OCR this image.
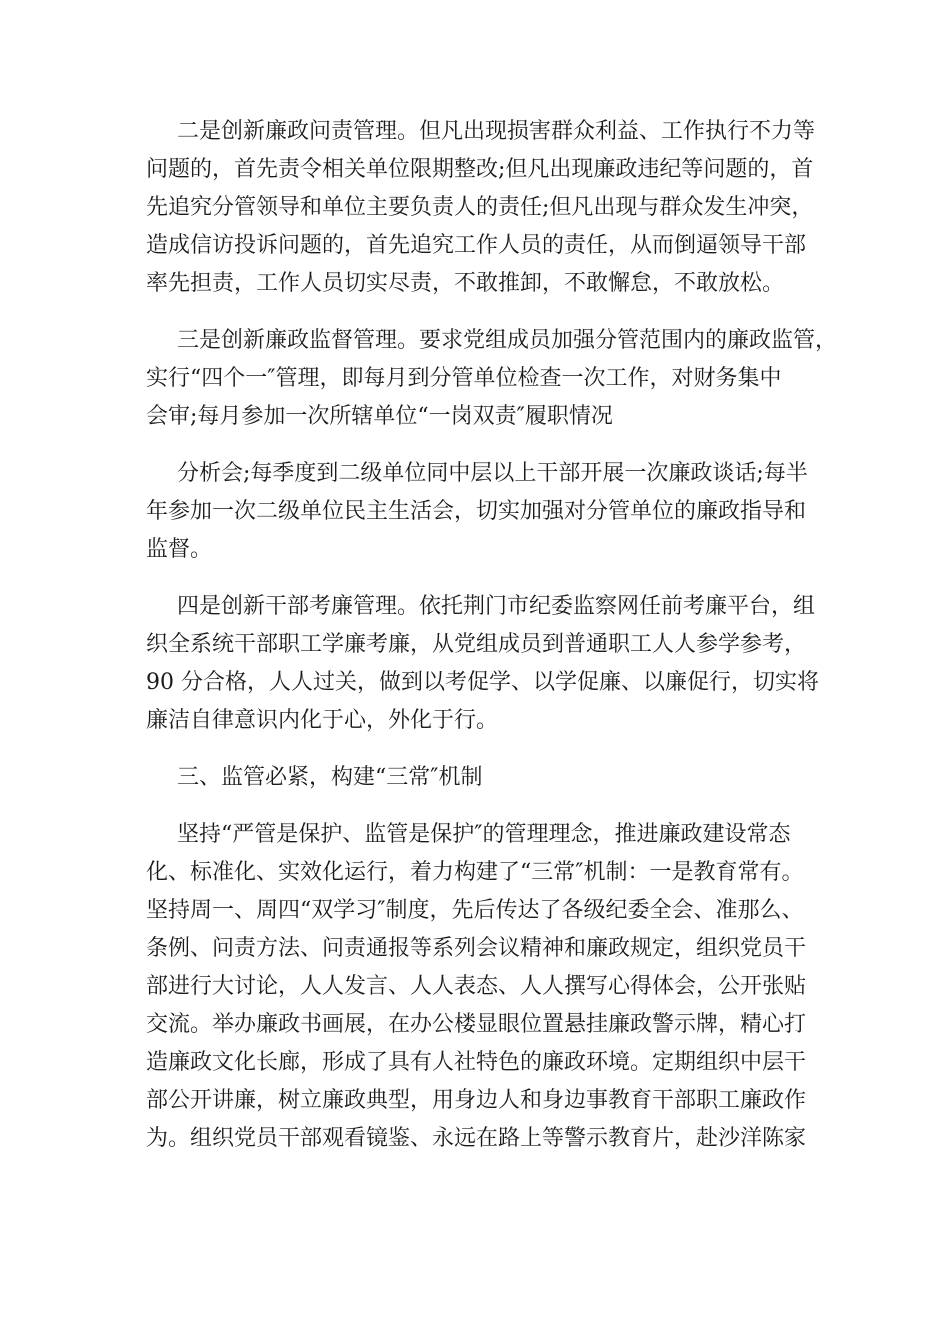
二是创新廉政问责管理。但凡出现损害群众利益、工作执行不力等
问题的，首先责令相关单位限期整改;但凡出现廉政违纪等问题的，首
先追究分管领导和单位主要负责人的责任;但凡出现与群众发生冲突，
造成信访投诉问题的，首先追究工作人员的责任，从而倒逼领导干部
率先担责，工作人员切实尽责，不敢推卸，不敢懈怠，不敢放松。
三是创新廉政监督管理。要求党组成员加强分管范围内的廉政监管，
实行“四个一″管理，即每月到分管单位检查一次工作，对财务集中
会审;每月参加一次所辖单位“一岗双责″履职情况
分析会;每季度到二级单位同中层以上干部开展一次廉政谈话;每半
年参加一次二级单位民主生活会，切实加强对分管单位的廉政指导和
监督。
四是创新干部考廉管理。依托荆门市纪委监察网任前考廉平台，组
织全系统干部职工学廉考廉，从党组成员到普通职工人人参学参考，
90 分合格，人人过关，做到以考促学、以学促廉、以廉促行，切实将
廉洁自律意识内化于心，外化于行。
三、监管必紧，构建“三常″机制
坚持“严管是保护、监管是保护″的管理理念，推进廉政建设常态
化、标准化、实效化运行，着力构建了“三常″机制：一是教育常有。
坚持周一、周四“双学习″制度，先后传达了各级纪委全会、准那么、
条例、问责方法、问责通报等系列会议精神和廉政规定，组织党员干
部进行大讨论，人人发言、人人表态、人人撰写心得体会，公开张贴
交流。举办廉政书画展，在办公楼显眼位置悬挂廉政警示牌，精心打
造廉政文化长廊，形成了具有人社特色的廉政环境。定期组织中层干
部公开讲廉，树立廉政典型，用身边人和身边事教育干部职工廉政作
为。组织党员干部观看镜鉴、永远在路上等警示教育片，赴沙洋陈家
